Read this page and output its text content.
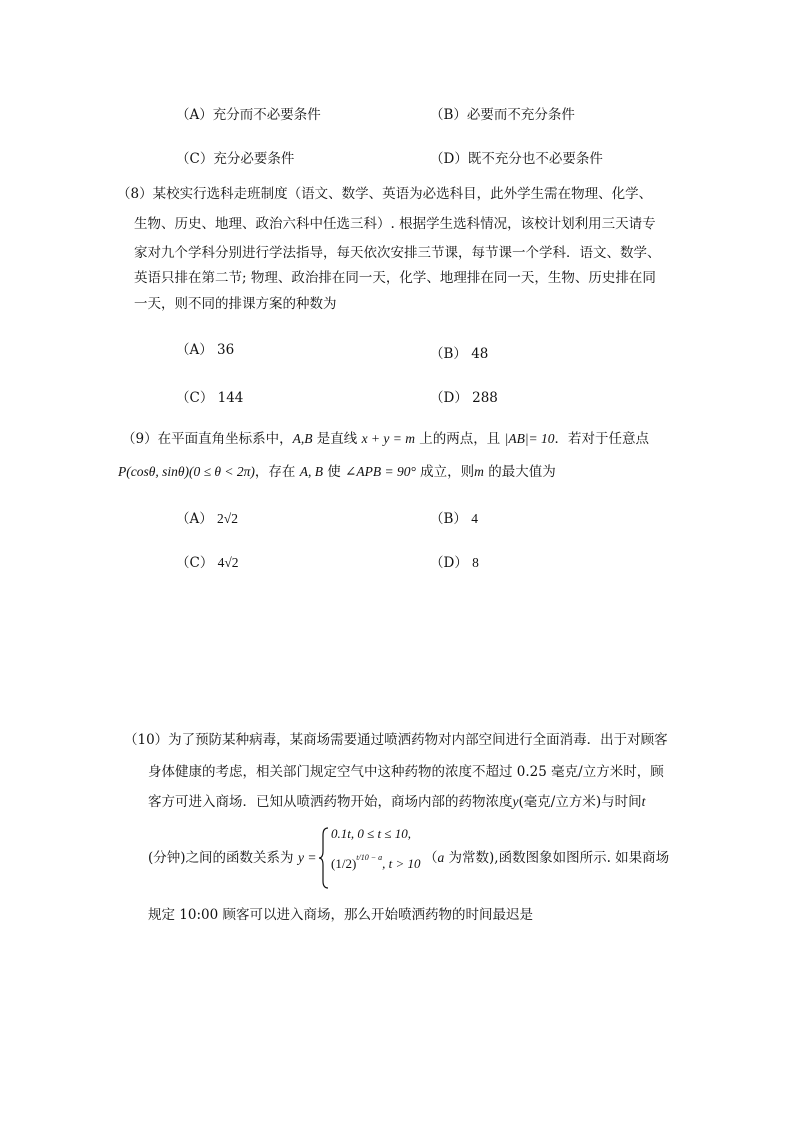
（A）充分而不必要条件	（B）必要而不充分条件
（C）充分必要条件	（D）既不充分也不必要条件
（8）某校实行选科走班制度（语文、数学、英语为必选科目，此外学生需在物理、化学、
生物、历史、地理、政治六科中任选三科）. 根据学生选科情况，该校计划利用三天请专
家对九个学科分别进行学法指导，每天依次安排三节课，每节课一个学科．语文、数学、
英语只排在第二节; 物理、政治排在同一天，化学、地理排在同一天，生物、历史排在同
一天，则不同的排课方案的种数为
（A） 36	（B） 48
（C） 144	（D） 288
（9）在平面直角坐标系中，A,B 是直线 x + y = m 上的两点，且 |AB|= 10．若对于任意点
P(cosθ, sinθ)(0 ≤ θ < 2π)，存在 A, B 使 ∠APB = 90° 成立，则m 的最大值为
（A） 2√2	（B） 4
（C） 4√2	（D） 8
（10）为了预防某种病毒，某商场需要通过喷洒药物对内部空间进行全面消毒．出于对顾客
身体健康的考虑，相关部门规定空气中这种药物的浓度不超过 0.25 毫克/立方米时，顾
客方可进入商场．已知从喷洒药物开始，商场内部的药物浓度y(毫克/立方米)与时间t
(分钟)之间的函数关系为 y =
0.1t, 0 ≤ t ≤ 10,
$(1/2)^{t/10 - a}$, t > 10 （a 为常数),函数图象如图所示. 如果商场
规定 10:00 顾客可以进入商场，那么开始喷洒药物的时间最迟是
